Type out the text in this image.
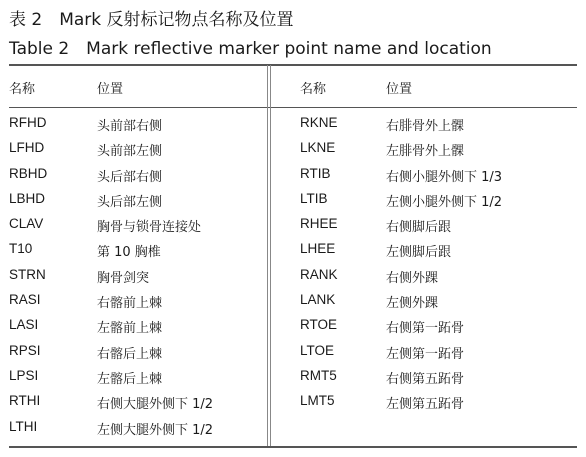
表 2　Mark 反射标记物点名称及位置
Table 2　Mark reflective marker point name and location
名称	位置
RFHD	头前部右侧
LFHD	头前部左侧
RBHD	头后部右侧
LBHD	头后部左侧
CLAV	胸骨与锁骨连接处
T10	第 10 胸椎
STRN	胸骨剑突
RASI	右髂前上棘
LASI	左髂前上棘
RPSI	右髂后上棘
LPSI	左髂后上棘
RTHI	右侧大腿外侧下 1/2
LTHI	左侧大腿外侧下 1/2
名称	位置
RKNE	右腓骨外上髁
LKNE	左腓骨外上髁
RTIB	右侧小腿外侧下 1/3
LTIB	左侧小腿外侧下 1/2
RHEE	右侧脚后跟
LHEE	左侧脚后跟
RANK	右侧外踝
LANK	左侧外踝
RTOE	右侧第一跖骨
LTOE	左侧第一跖骨
RMT5	右侧第五跖骨
LMT5	左侧第五跖骨
